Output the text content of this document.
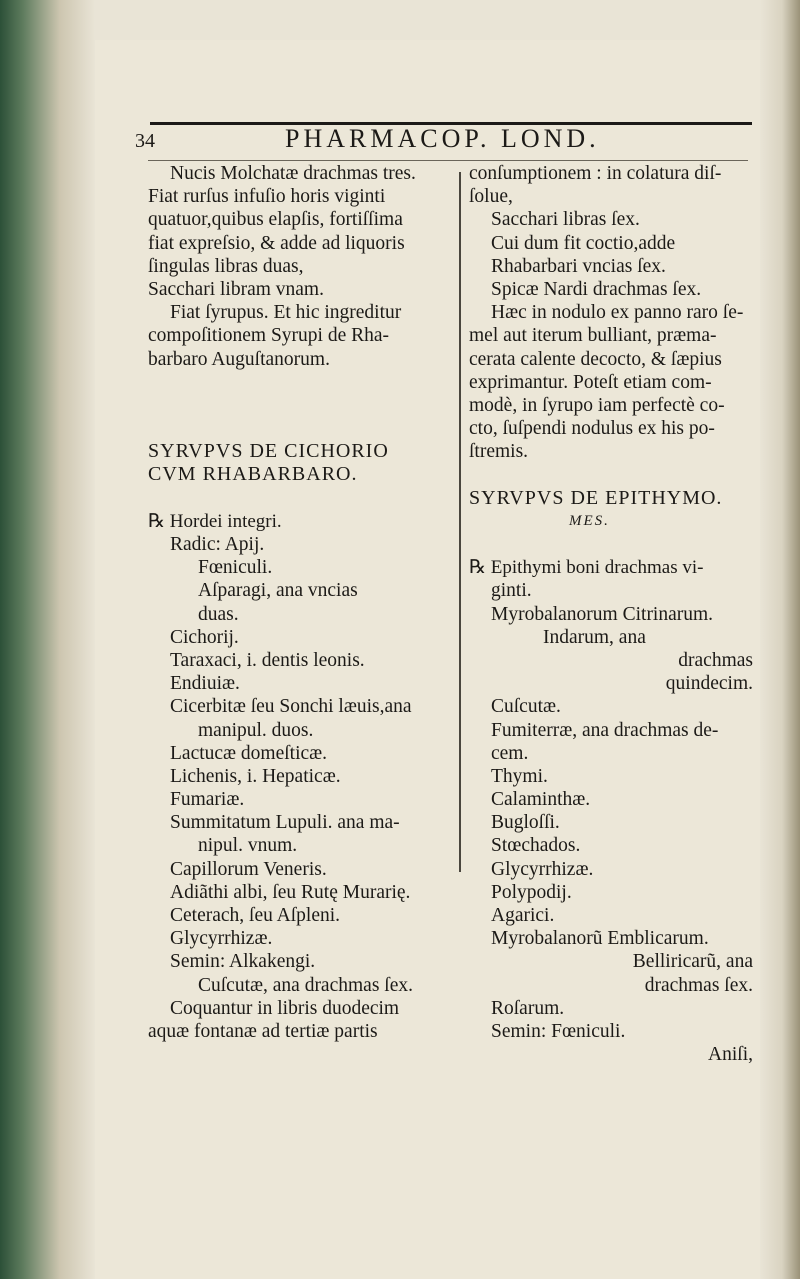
34	PHARMACOP. LOND.
Nucis Molchatæ drachmas tres.
Fiat rurſus infuſio horis viginti
quatuor,quibus elapſis, fortiſſima
fiat expreſsio, & adde ad liquoris
ſingulas libras duas,
Sacchari libram vnam.
Fiat ſyrupus. Et hic ingreditur
compoſitionem Syrupi de Rha-
barbaro Auguſtanorum.
SYRVPVS DE CICHORIO
CVM RHABARBARO.
℞ Hordei integri.
Radic: Apij.
Fœniculi.
Aſparagi, ana vncias
duas.
Cichorij.
Taraxaci, i. dentis leonis.
Endiuiæ.
Cicerbitæ ſeu Sonchi læuis,ana
manipul. duos.
Lactucæ domeſticæ.
Lichenis, i. Hepaticæ.
Fumariæ.
Summitatum Lupuli. ana ma-
nipul. vnum.
Capillorum Veneris.
Adiãthi albi, ſeu Rutę Murarię.
Ceterach, ſeu Aſpleni.
Glycyrrhizæ.
Semin: Alkakengi.
Cuſcutæ, ana drachmas ſex.
Coquantur in libris duodecim
aquæ fontanæ ad tertiæ partis
conſumptionem : in colatura diſ-
ſolue,
Sacchari libras ſex.
Cui dum fit coctio,adde
Rhabarbari vncias ſex.
Spicæ Nardi drachmas ſex.
Hæc in nodulo ex panno raro ſe-
mel aut iterum bulliant, præma-
cerata calente decocto, & ſæpius
exprimantur. Poteſt etiam com-
modè, in ſyrupo iam perfectè co-
cto, ſuſpendi nodulus ex his po-
ſtremis.
SYRVPVS DE EPITHYMO.
MES.
℞ Epithymi boni drachmas vi-
ginti.
Myrobalanorum Citrinarum.
Indarum, ana
drachmas
quindecim.
Cuſcutæ.
Fumiterræ, ana drachmas de-
cem.
Thymi.
Calaminthæ.
Bugloſſi.
Stœchados.
Glycyrrhizæ.
Polypodij.
Agarici.
Myrobalanorũ Emblicarum.
Belliricarũ, ana
drachmas ſex.
Roſarum.
Semin: Fœniculi.
Aniſi,
